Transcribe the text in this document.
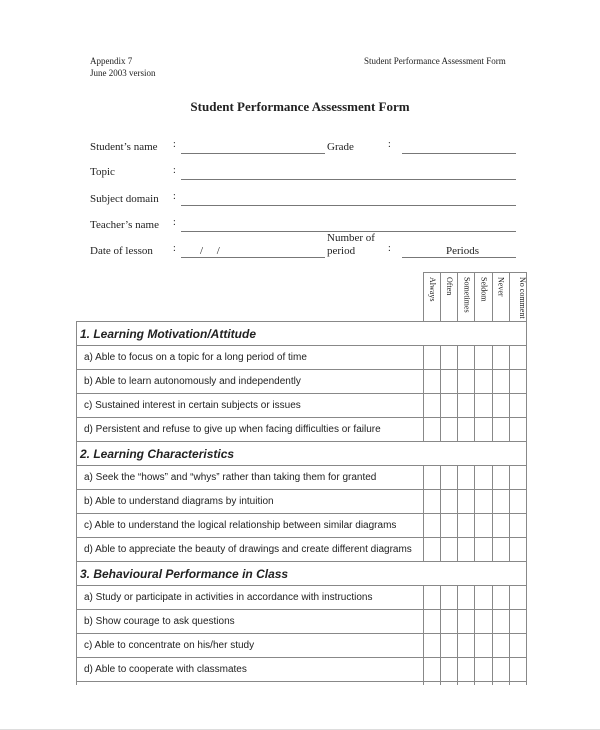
Appendix 7
June 2003 version
Student Performance Assessment Form
Student Performance Assessment Form
Student’s name :	Grade	:
Topic	:
Subject domain :
Teacher’s name :
Date of lesson : /     /
Number of
period	:	Periods

	Always	Often	Sometimes	Seldom	Never	No comment

1. Learning Motivation/Attitude						
a) Able to focus on a topic for a long period of time						
b) Able to learn autonomously and independently						
c) Sustained interest in certain subjects or issues						
d) Persistent and refuse to give up when facing difficulties or failure						
2. Learning Characteristics						
a) Seek the “hows” and “whys” rather than taking them for granted						
b) Able to understand diagrams by intuition						
c) Able to understand the logical relationship between similar diagrams						
d) Able to appreciate the beauty of drawings and create different diagrams						
3. Behavioural Performance in Class						
a) Study or participate in activities in accordance with instructions						
b) Show courage to ask questions						
c) Able to concentrate on his/her study						
d) Able to cooperate with classmates						
